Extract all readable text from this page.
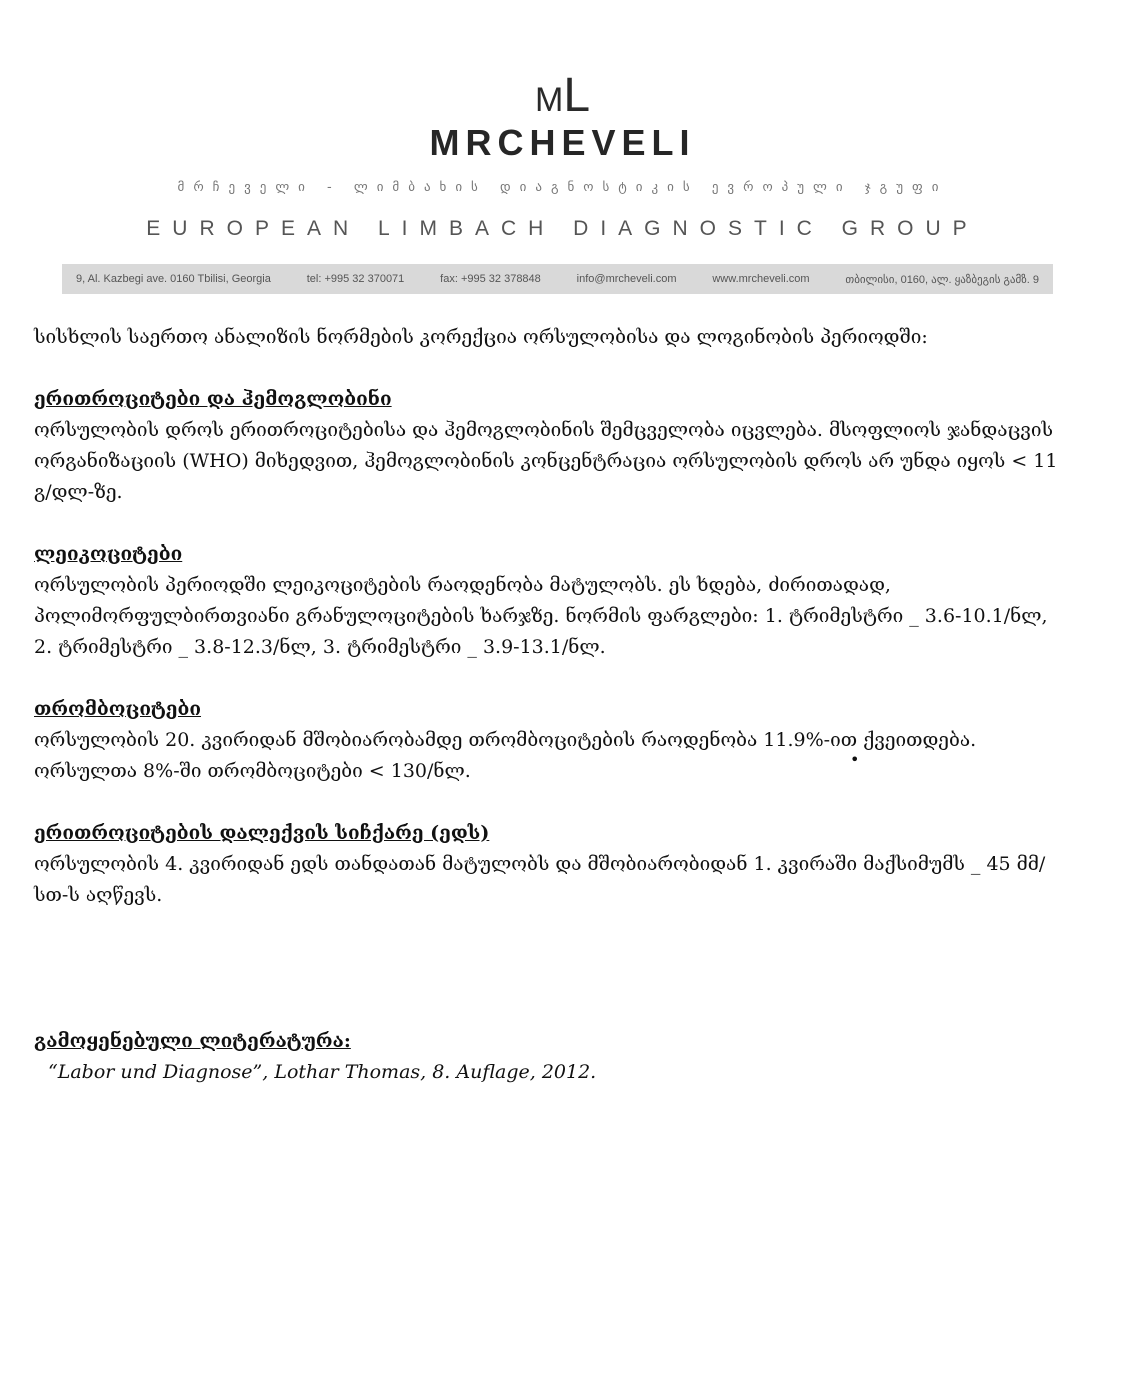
ML
MRCHEVELI
მრჩეველი - ლიმბახის დიაგნოსტიკის ევროპული ჯგუფი
EUROPEAN LIMBACH DIAGNOSTIC GROUP
9, Al. Kazbegi ave. 0160 Tbilisi, Georgia	tel: +995 32 370071	fax: +995 32 378848	info@mrcheveli.com	www.mrcheveli.com	თბილისი, 0160, ალ. ყაზბეგის გამზ. 9

სისხლის საერთო ანალიზის ნორმების კორექცია ორსულობისა და ლოგინობის პერიოდში:

ერითროციტები და ჰემოგლობინი

ორსულობის დროს ერითროციტებისა და ჰემოგლობინის შემცველობა იცვლება. მსოფლიოს ჯანდაცვის ორგანიზაციის (WHO) მიხედვით, ჰემოგლობინის კონცენტრაცია ორსულობის დროს არ უნდა იყოს < 11 გ/დლ-ზე.

ლეიკოციტები

ორსულობის პერიოდში ლეიკოციტების რაოდენობა მატულობს. ეს ხდება, ძირითადად, პოლიმორფულბირთვიანი გრანულოციტების ხარჯზე. ნორმის ფარგლები: 1. ტრიმესტრი _ 3.6-10.1/ნლ, 2. ტრიმესტრი _ 3.8-12.3/ნლ, 3. ტრიმესტრი _ 3.9-13.1/ნლ.

თრომბოციტები

ორსულობის 20. კვირიდან მშობიარობამდე თრომბოციტების რაოდენობა 11.9%-ით ქვეითდება. ორსულთა 8%-ში თრომბოციტები < 130/ნლ.

ერითროციტების დალექვის სიჩქარე (ედს)

ორსულობის 4. კვირიდან ედს თანდათან მატულობს და მშობიარობიდან 1. კვირაში მაქსიმუმს _ 45 მმ/სთ-ს აღწევს.

•

გამოყენებული ლიტერატურა:

“Labor und Diagnose”, Lothar Thomas, 8. Auflage, 2012.
